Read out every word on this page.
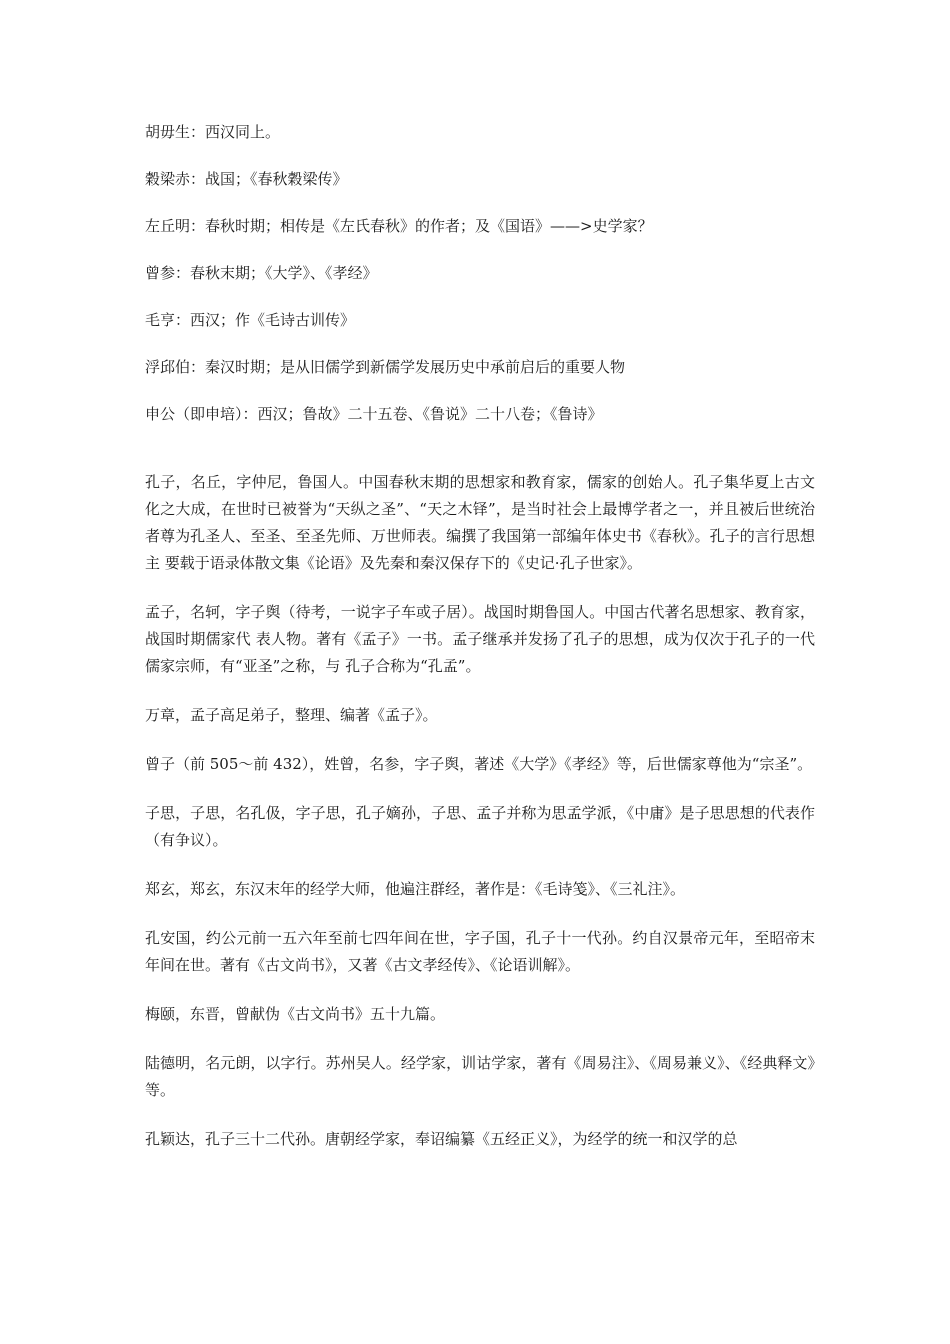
胡毋生：西汉同上。

穀梁赤：战国；《春秋穀梁传》

左丘明：春秋时期；相传是《左氏春秋》的作者；及《国语》——>史学家？

曾参：春秋末期；《大学》、《孝经》

毛亨：西汉；作《毛诗古训传》

浮邱伯：秦汉时期；是从旧儒学到新儒学发展历史中承前启后的重要人物

申公（即申培）：西汉；鲁故》二十五卷、《鲁说》二十八卷；《鲁诗》

孔子，名丘，字仲尼，鲁国人。中国春秋末期的思想家和教育家，儒家的创始人。孔子集华夏上古文化之大成，在世时已被誉为“天纵之圣”、“天之木铎”，是当时社会上最博学者之一，并且被后世统治者尊为孔圣人、至圣、至圣先师、万世师表。编撰了我国第一部编年体史书《春秋》。孔子的言行思想主 要载于语录体散文集《论语》及先秦和秦汉保存下的《史记·孔子世家》。

孟子，名轲，字子舆（待考，一说字子车或子居）。战国时期鲁国人。中国古代著名思想家、教育家，战国时期儒家代 表人物。著有《孟子》一书。孟子继承并发扬了孔子的思想，成为仅次于孔子的一代儒家宗师，有“亚圣”之称，与 孔子合称为“孔孟”。

万章，孟子高足弟子，整理、编著《孟子》。

曾子（前 505～前 432），姓曾，名参，字子舆，著述《大学》《孝经》等，后世儒家尊他为“宗圣”。

子思，子思，名孔伋，字子思，孔子嫡孙，子思、孟子并称为思孟学派，《中庸》是子思思想的代表作（有争议）。

郑玄，郑玄，东汉末年的经学大师，他遍注群经，著作是：《毛诗笺》、《三礼注》。

孔安国，约公元前一五六年至前七四年间在世，字子国，孔子十一代孙。约自汉景帝元年，至昭帝末年间在世。著有《古文尚书》，又著《古文孝经传》、《论语训解》。

梅颐，东晋，曾献伪《古文尚书》五十九篇。

陆德明，名元朗，以字行。苏州吴人。经学家，训诂学家，著有《周易注》、《周易兼义》、《经典释文》等。

孔颖达，孔子三十二代孙。唐朝经学家，奉诏编纂《五经正义》，为经学的统一和汉学的总
